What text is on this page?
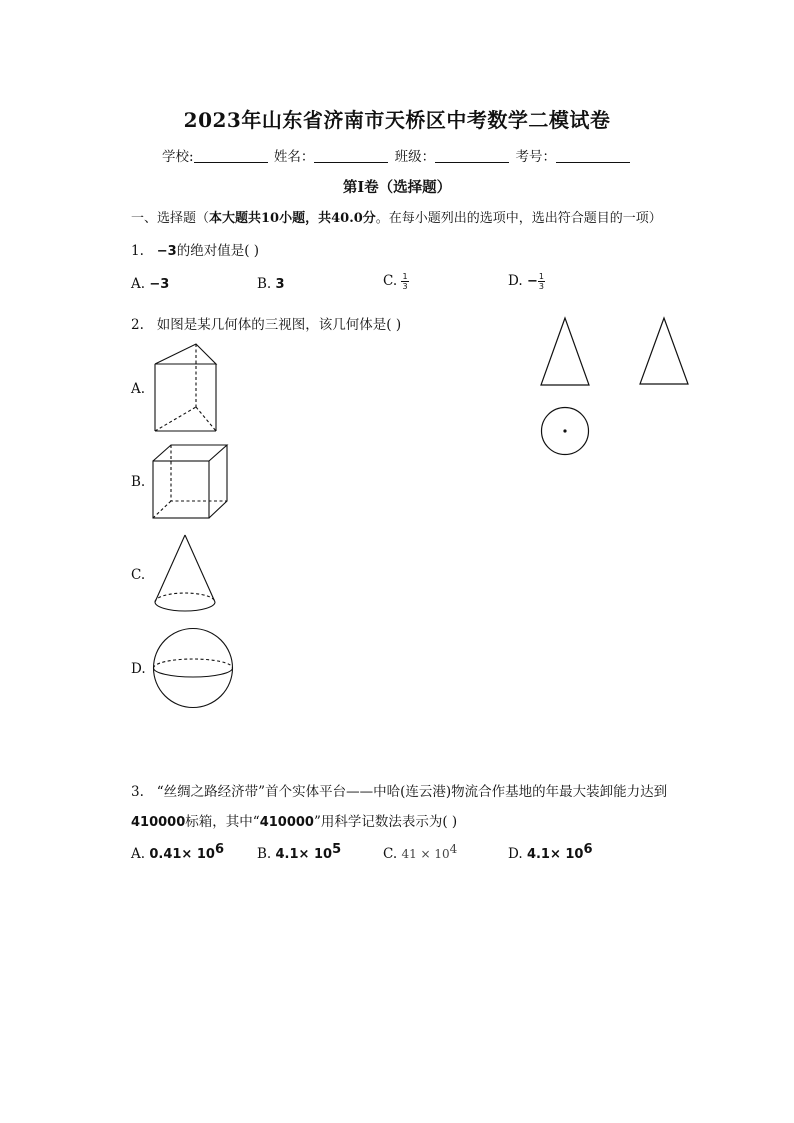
2023年山东省济南市天桥区中考数学二模试卷
学校:	姓名：	班级：	考号：
第I卷（选择题）
一、选择题（本大题共10小题，共40.0分。在每小题列出的选项中，选出符合题目的一项）
1. −3的绝对值是( )
A. −3	B. 3	C. $\frac{1}{3}$	D. − $\frac{1}{3}$
2. 如图是某几何体的三视图，该几何体是( )
A.
B.
C.
D.
3. “丝绸之路经济带”首个实体平台——中哈(连云港)物流合作基地的年最大装卸能力达到
410000标箱，其中“410000”用科学记数法表示为( )
A. $0.41\times 10^6$ B. $4.1\times 10^5$	C. $41 \times 10^4$	D. $4.1\times 10^6$
